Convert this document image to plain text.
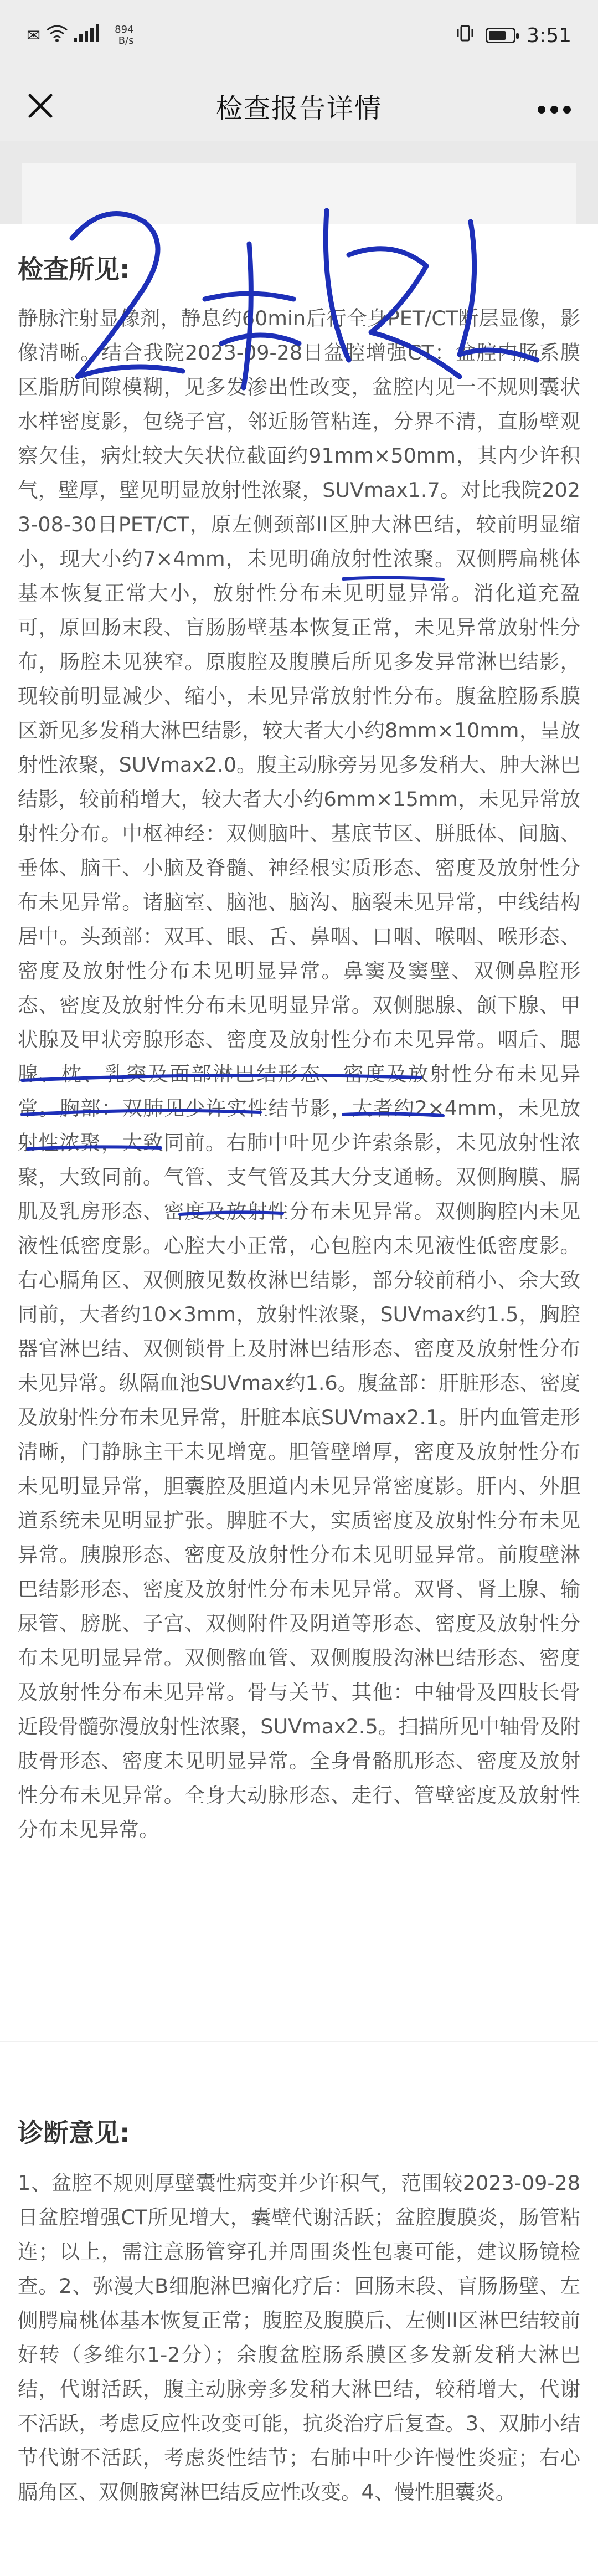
✉	894
B/s	3:51
检查报告详情
检查所见:

静脉注射显像剂，静息约60min后行全身PET/CT断层显像，影像清晰。结合我院2023-09-28日盆腔增强CT：盆腔内肠系膜区脂肪间隙模糊，见多发渗出性改变，盆腔内见一不规则囊状水样密度影，包绕子宫，邻近肠管粘连，分界不清，直肠壁观察欠佳，病灶较大矢状位截面约91mm×50mm，其内少许积气，壁厚，壁见明显放射性浓聚，SUVmax1.7。对比我院2023-08-30日PET/CT，原左侧颈部II区肿大淋巴结，较前明显缩小，现大小约7×4mm，未见明确放射性浓聚。双侧腭扁桃体基本恢复正常大小，放射性分布未见明显异常。消化道充盈可，原回肠末段、盲肠肠壁基本恢复正常，未见异常放射性分布，肠腔未见狭窄。原腹腔及腹膜后所见多发异常淋巴结影，现较前明显减少、缩小，未见异常放射性分布。腹盆腔肠系膜区新见多发稍大淋巴结影，较大者大小约8mm×10mm，呈放射性浓聚，SUVmax2.0。腹主动脉旁另见多发稍大、肿大淋巴结影，较前稍增大，较大者大小约6mm×15mm，未见异常放射性分布。中枢神经：双侧脑叶、基底节区、胼胝体、间脑、垂体、脑干、小脑及脊髓、神经根实质形态、密度及放射性分布未见异常。诸脑室、脑池、脑沟、脑裂未见异常，中线结构居中。头颈部：双耳、眼、舌、鼻咽、口咽、喉咽、喉形态、密度及放射性分布未见明显异常。鼻窦及窦壁、双侧鼻腔形态、密度及放射性分布未见明显异常。双侧腮腺、颌下腺、甲状腺及甲状旁腺形态、密度及放射性分布未见异常。咽后、腮腺、枕、乳突及面部淋巴结形态、密度及放射性分布未见异常。胸部：双肺见少许实性结节影，大者约2×4mm，未见放射性浓聚，大致同前。右肺中叶见少许索条影，未见放射性浓聚，大致同前。气管、支气管及其大分支通畅。双侧胸膜、膈肌及乳房形态、密度及放射性分布未见异常。双侧胸腔内未见液性低密度影。心腔大小正常，心包腔内未见液性低密度影。右心膈角区、双侧腋见数枚淋巴结影，部分较前稍小、余大致同前，大者约10×3mm，放射性浓聚，SUVmax约1.5，胸腔器官淋巴结、双侧锁骨上及肘淋巴结形态、密度及放射性分布未见异常。纵隔血池SUVmax约1.6。腹盆部：肝脏形态、密度及放射性分布未见异常，肝脏本底SUVmax2.1。肝内血管走形清晰，门静脉主干未见增宽。胆管壁增厚，密度及放射性分布未见明显异常，胆囊腔及胆道内未见异常密度影。肝内、外胆道系统未见明显扩张。脾脏不大，实质密度及放射性分布未见异常。胰腺形态、密度及放射性分布未见明显异常。前腹壁淋巴结影形态、密度及放射性分布未见异常。双肾、肾上腺、输尿管、膀胱、子宫、双侧附件及阴道等形态、密度及放射性分布未见明显异常。双侧髂血管、双侧腹股沟淋巴结形态、密度及放射性分布未见异常。骨与关节、其他：中轴骨及四肢长骨近段骨髓弥漫放射性浓聚，SUVmax2.5。扫描所见中轴骨及附肢骨形态、密度未见明显异常。全身骨骼肌形态、密度及放射性分布未见异常。全身大动脉形态、走行、管壁密度及放射性分布未见异常。

诊断意见:

1、盆腔不规则厚壁囊性病变并少许积气，范围较2023-09-28日盆腔增强CT所见增大，囊壁代谢活跃；盆腔腹膜炎，肠管粘连；以上，需注意肠管穿孔并周围炎性包裹可能，建议肠镜检查。2、弥漫大B细胞淋巴瘤化疗后：回肠末段、盲肠肠壁、左侧腭扁桃体基本恢复正常；腹腔及腹膜后、左侧II区淋巴结较前好转（多维尔1-2分）；余腹盆腔肠系膜区多发新发稍大淋巴结，代谢活跃，腹主动脉旁多发稍大淋巴结，较稍增大，代谢不活跃，考虑反应性改变可能，抗炎治疗后复查。3、双肺小结节代谢不活跃，考虑炎性结节；右肺中叶少许慢性炎症；右心膈角区、双侧腋窝淋巴结反应性改变。4、慢性胆囊炎。
